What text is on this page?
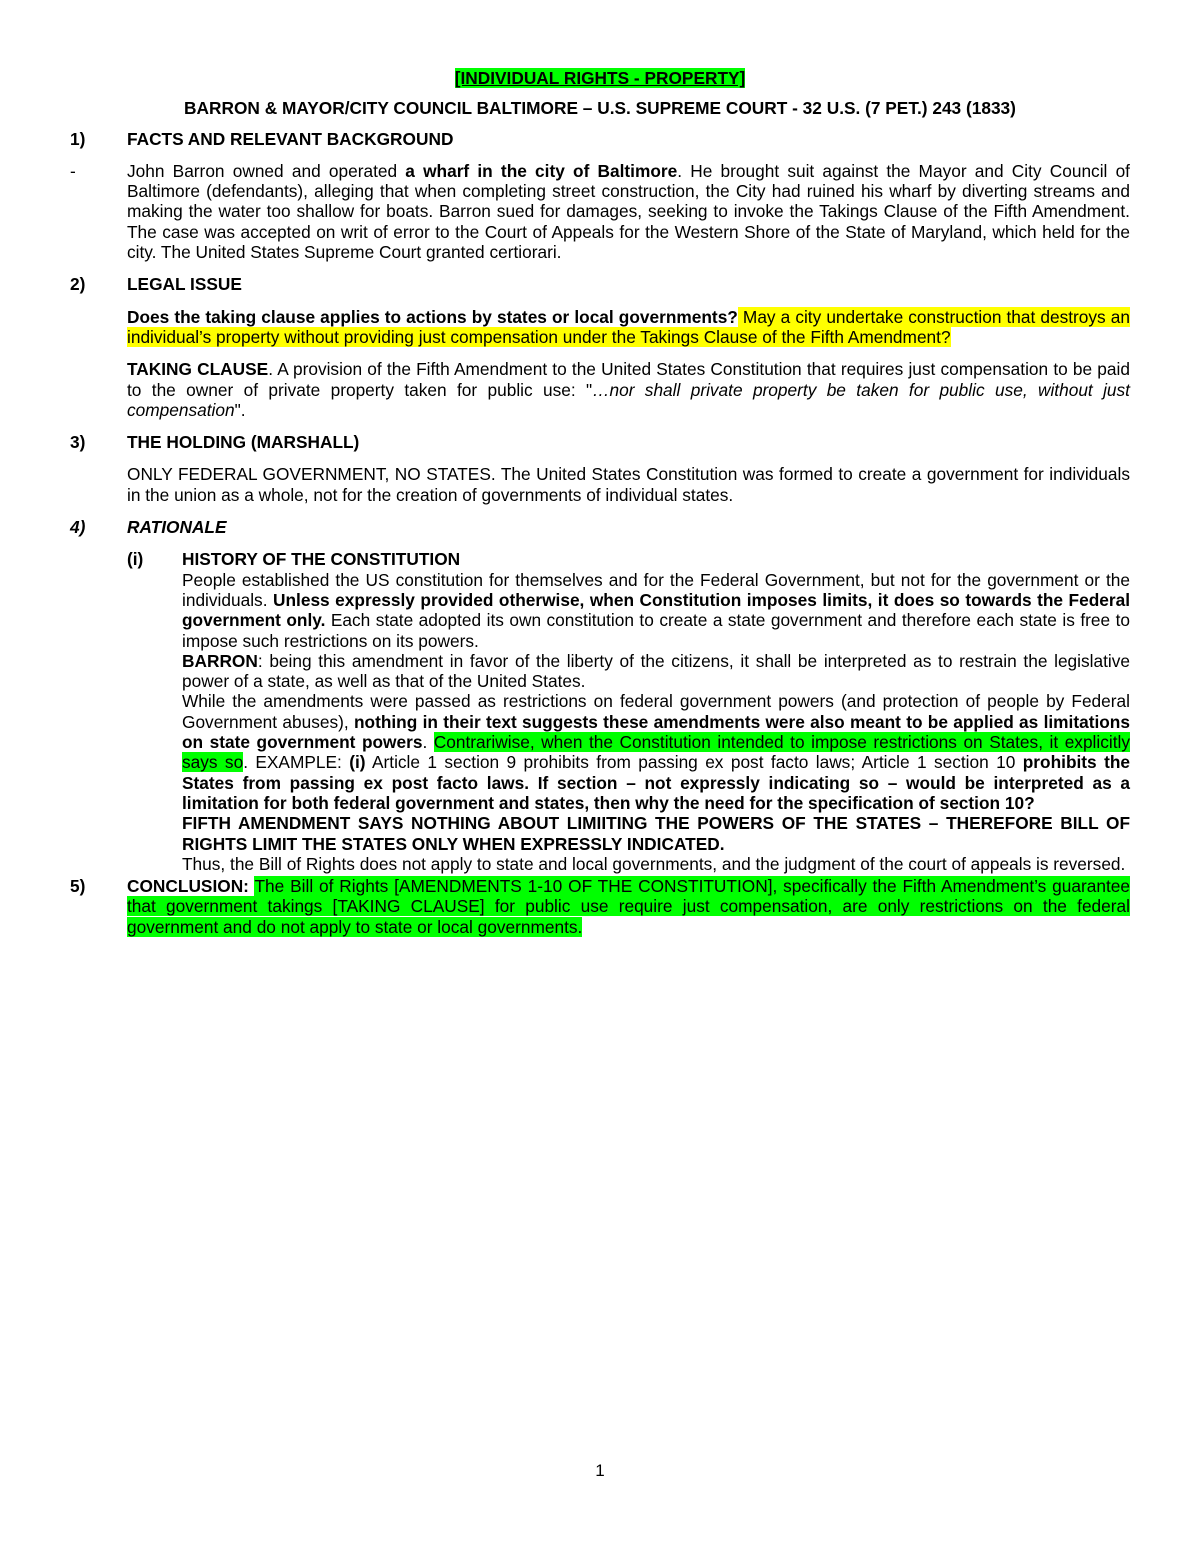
[INDIVIDUAL RIGHTS - PROPERTY]
BARRON & MAYOR/CITY COUNCIL BALTIMORE – U.S. SUPREME COURT - 32 U.S. (7 PET.) 243 (1833)
1)	FACTS AND RELEVANT BACKGROUND
-	John Barron owned and operated a wharf in the city of Baltimore. He brought suit against the Mayor and City Council of Baltimore (defendants), alleging that when completing street construction, the City had ruined his wharf by diverting streams and making the water too shallow for boats. Barron sued for damages, seeking to invoke the Takings Clause of the Fifth Amendment. The case was accepted on writ of error to the Court of Appeals for the Western Shore of the State of Maryland, which held for the city. The United States Supreme Court granted certiorari.
2)	LEGAL ISSUE
Does the taking clause applies to actions by states or local governments? May a city undertake construction that destroys an individual’s property without providing just compensation under the Takings Clause of the Fifth Amendment?
TAKING CLAUSE. A provision of the Fifth Amendment to the United States Constitution that requires just compensation to be paid to the owner of private property taken for public use: "…nor shall private property be taken for public use, without just compensation".
3)	THE HOLDING (MARSHALL)
ONLY FEDERAL GOVERNMENT, NO STATES. The United States Constitution was formed to create a government for individuals in the union as a whole, not for the creation of governments of individual states.
4)	RATIONALE
(i)	HISTORY OF THE CONSTITUTION
People established the US constitution for themselves and for the Federal Government, but not for the government or the individuals. Unless expressly provided otherwise, when Constitution imposes limits, it does so towards the Federal government only. Each state adopted its own constitution to create a state government and therefore each state is free to impose such restrictions on its powers.
BARRON: being this amendment in favor of the liberty of the citizens, it shall be interpreted as to restrain the legislative power of a state, as well as that of the United States.
While the amendments were passed as restrictions on federal government powers (and protection of people by Federal Government abuses), nothing in their text suggests these amendments were also meant to be applied as limitations on state government powers. Contrariwise, when the Constitution intended to impose restrictions on States, it explicitly says so. EXAMPLE: (i) Article 1 section 9 prohibits from passing ex post facto laws; Article 1 section 10 prohibits the States from passing ex post facto laws. If section – not expressly indicating so – would be interpreted as a limitation for both federal government and states, then why the need for the specification of section 10?
FIFTH AMENDMENT SAYS NOTHING ABOUT LIMIITING THE POWERS OF THE STATES – THEREFORE BILL OF RIGHTS LIMIT THE STATES ONLY WHEN EXPRESSLY INDICATED.
Thus, the Bill of Rights does not apply to state and local governments, and the judgment of the court of appeals is reversed.
5)	CONCLUSION: The Bill of Rights [AMENDMENTS 1-10 OF THE CONSTITUTION], specifically the Fifth Amendment’s guarantee that government takings [TAKING CLAUSE] for public use require just compensation, are only restrictions on the federal government and do not apply to state or local governments.
1
